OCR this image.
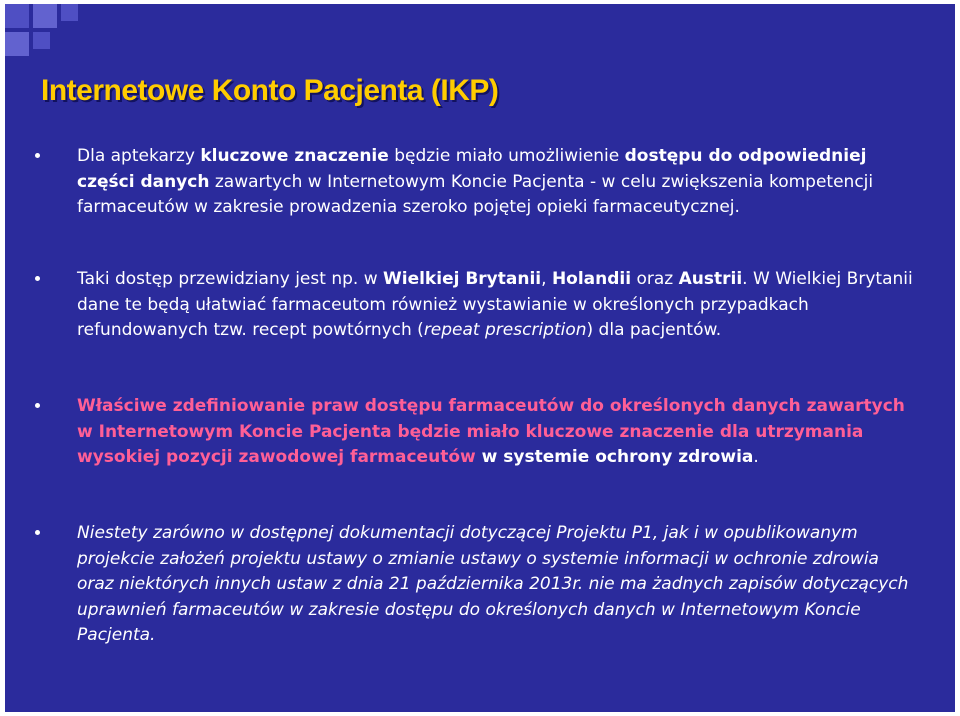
Internetowe Konto Pacjenta (IKP)
Dla aptekarzy kluczowe znaczenie będzie miało umożliwienie dostępu do odpowiedniej części danych zawartych w Internetowym Koncie Pacjenta - w celu zwiększenia kompetencji farmaceutów w zakresie prowadzenia szeroko pojętej opieki farmaceutycznej.
Taki dostęp przewidziany jest np. w Wielkiej Brytanii, Holandii oraz Austrii. W Wielkiej Brytanii dane te będą ułatwiać farmaceutom również wystawianie w określonych przypadkach refundowanych tzw. recept powtórnych (repeat prescription) dla pacjentów.
Właściwe zdefiniowanie praw dostępu farmaceutów do określonych danych zawartych w Internetowym Koncie Pacjenta będzie miało kluczowe znaczenie dla utrzymania wysokiej pozycji zawodowej farmaceutów w systemie ochrony zdrowia.
Niestety zarówno w dostępnej dokumentacji dotyczącej Projektu P1, jak i w opublikowanym projekcie założeń projektu ustawy o zmianie ustawy o systemie informacji w ochronie zdrowia oraz niektórych innych ustaw z dnia 21 października 2013r. nie ma żadnych zapisów dotyczących uprawnień farmaceutów w zakresie dostępu do określonych danych w Internetowym Koncie Pacjenta.
